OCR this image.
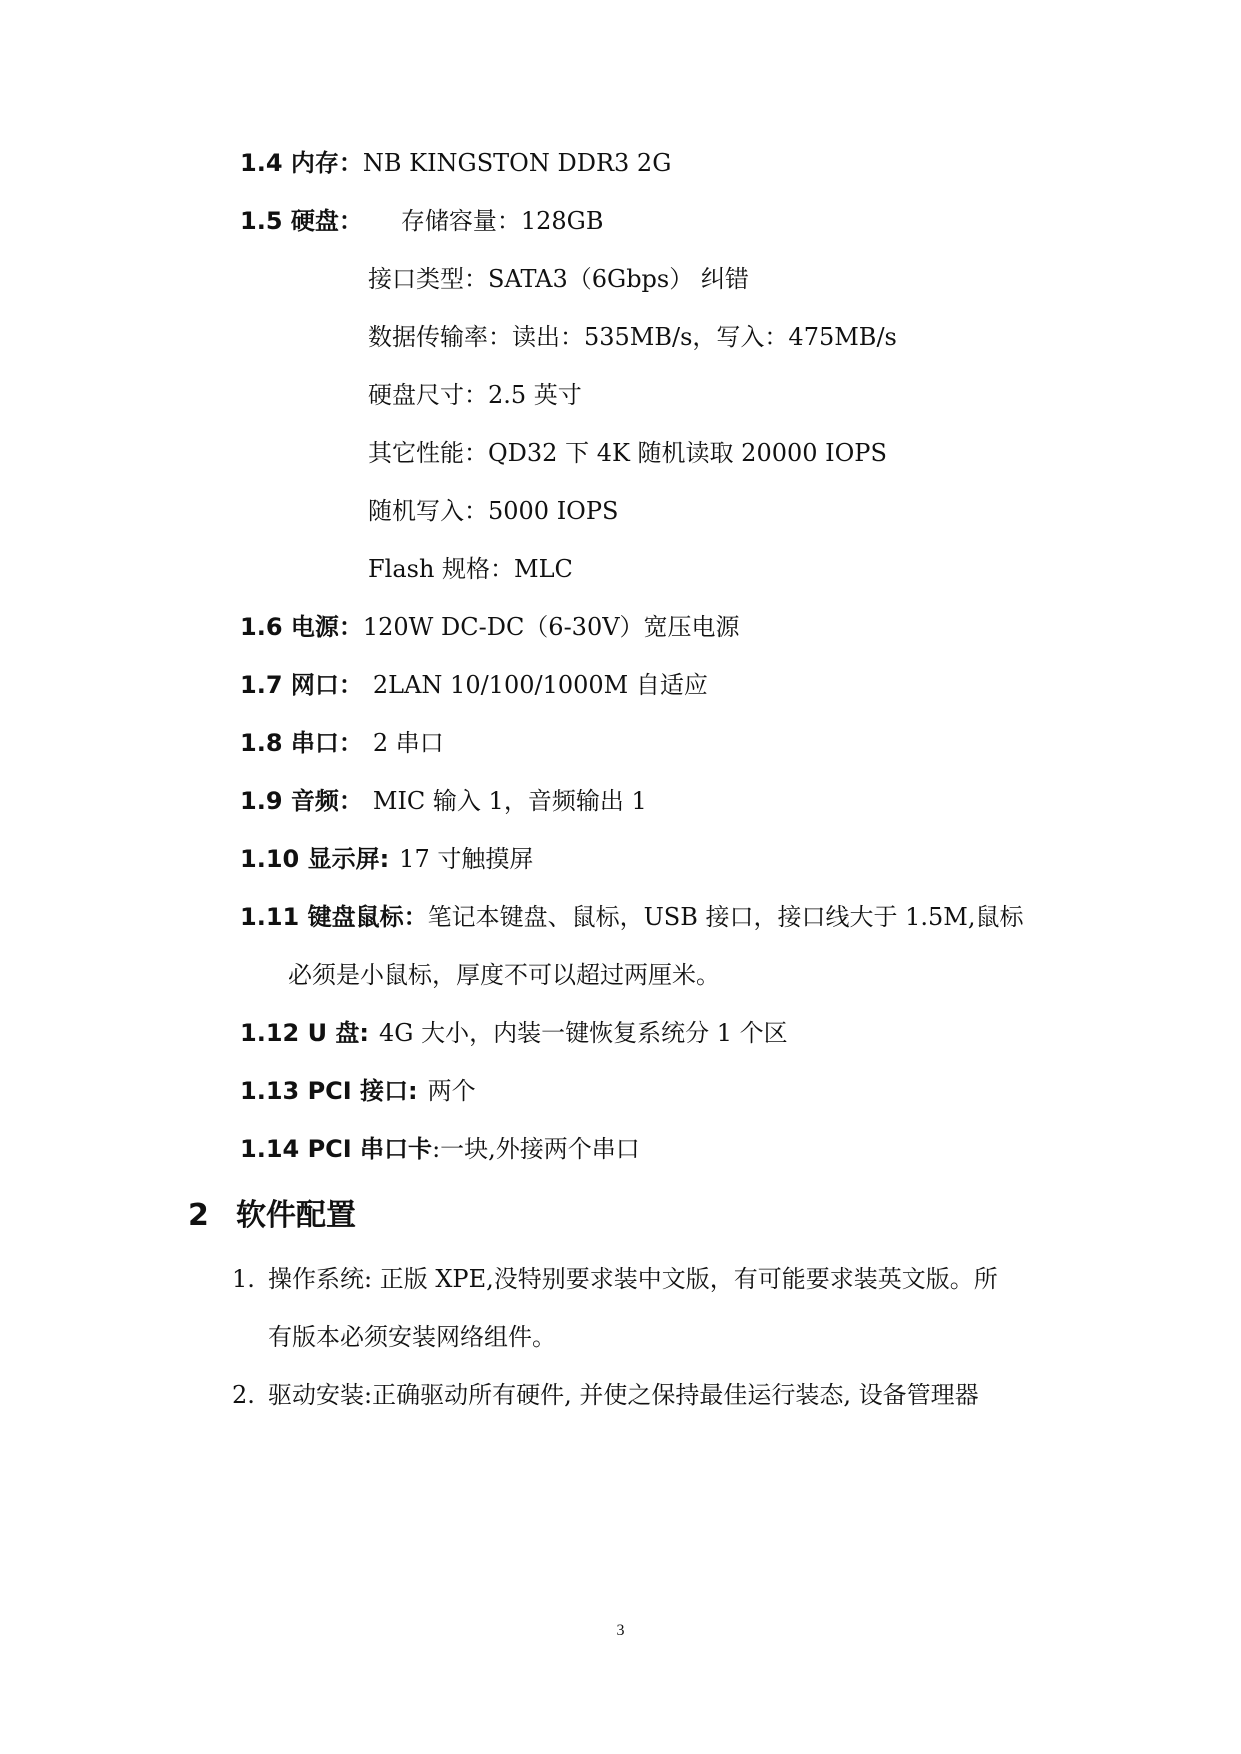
1.4 内存：NB KINGSTON DDR3 2G
1.5 硬盘： 存储容量：128GB
接口类型：SATA3（6Gbps） 纠错
数据传输率：读出：535MB/s，写入：475MB/s
硬盘尺寸：2.5 英寸
其它性能：QD32 下 4K 随机读取 20000 IOPS
随机写入：5000 IOPS
Flash 规格：MLC
1.6 电源：120W DC-DC（6-30V）宽压电源
1.7 网口： 2LAN 10/100/1000M 自适应
1.8 串口： 2 串口
1.9 音频： MIC 输入 1，音频输出 1
1.10 显示屏: 17 寸触摸屏
1.11 键盘鼠标：笔记本键盘、鼠标，USB 接口，接口线大于 1.5M,鼠标
必须是小鼠标，厚度不可以超过两厘米。
1.12 U 盘: 4G 大小，内装一键恢复系统分 1 个区
1.13 PCI 接口: 两个
1.14 PCI 串口卡:一块,外接两个串口
2 软件配置
1. 操作系统: 正版 XPE,没特别要求装中文版，有可能要求装英文版。所
有版本必须安装网络组件。
2. 驱动安装:正确驱动所有硬件, 并使之保持最佳运行装态, 设备管理器
3
